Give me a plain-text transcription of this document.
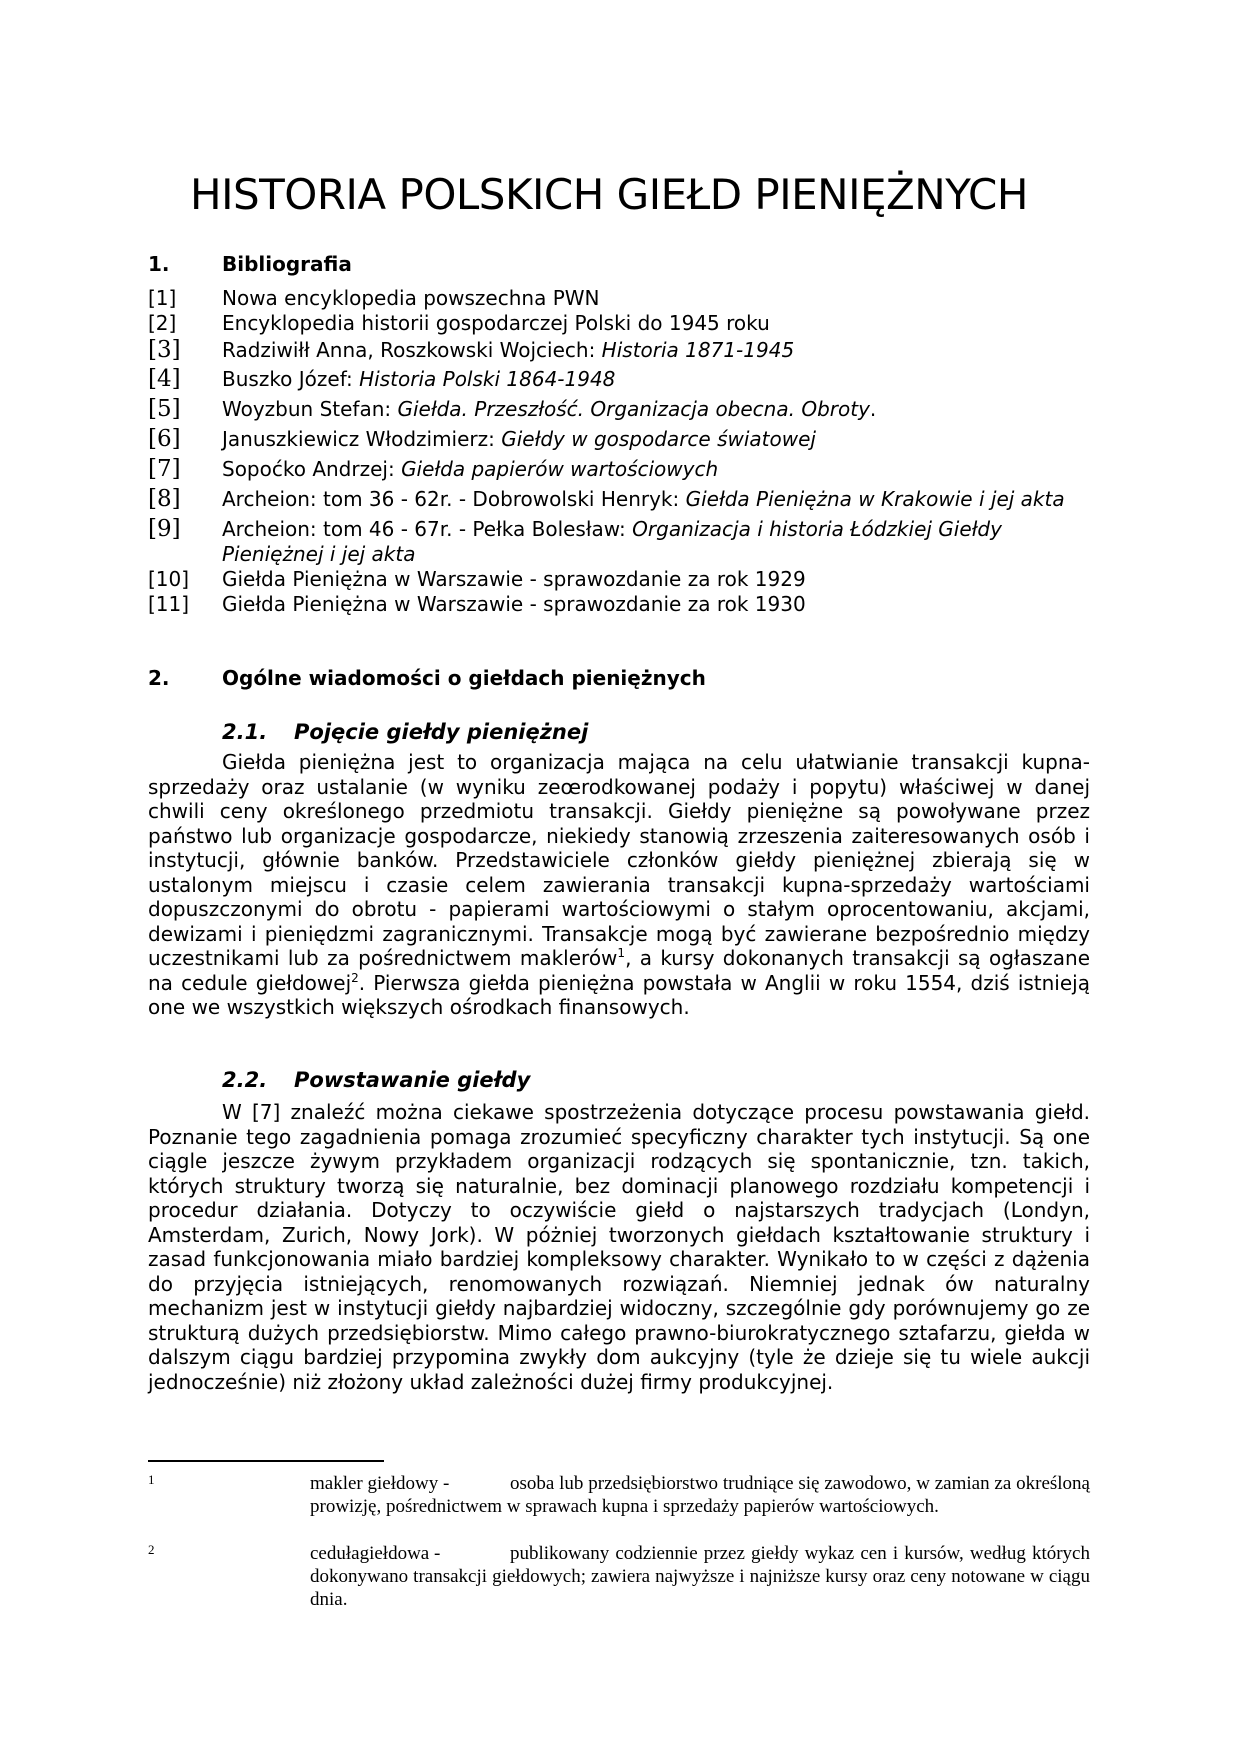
HISTORIA POLSKICH GIEŁD PIENIĘŻNYCH
1.	Bibliografia
[1] Nowa encyklopedia powszechna PWN
[2] Encyklopedia historii gospodarczej Polski do 1945 roku
[3] Radziwiłł Anna, Roszkowski Wojciech: Historia 1871-1945
[4] Buszko Józef: Historia Polski 1864-1948
[5] Woyzbun Stefan: Giełda. Przeszłość. Organizacja obecna. Obroty.
[6] Januszkiewicz Włodzimierz: Giełdy w gospodarce światowej
[7] Sopoćko Andrzej: Giełda papierów wartościowych
[8] Archeion: tom 36 - 62r. - Dobrowolski Henryk: Giełda Pieniężna w Krakowie i jej akta
[9] Archeion: tom 46 - 67r. - Pełka Bolesław: Organizacja i historia Łódzkiej Giełdy Pieniężnej i jej akta
[10] Giełda Pieniężna w Warszawie - sprawozdanie za rok 1929
[11] Giełda Pieniężna w Warszawie - sprawozdanie za rok 1930
2.	Ogólne wiadomości o giełdach pieniężnych
2.1. Pojęcie giełdy pieniężnej

Giełda pieniężna jest to organizacja mająca na celu ułatwianie transakcji kupna-sprzedaży oraz ustalanie (w wyniku zeœrodkowanej podaży i popytu) właściwej w danej chwili ceny określonego przedmiotu transakcji. Giełdy pieniężne są powoływane przez państwo lub organizacje gospodarcze, niekiedy stanowią zrzeszenia zaiteresowanych osób i instytucji, głównie banków. Przedstawiciele członków giełdy pieniężnej zbierają się w ustalonym miejscu i czasie celem zawierania transakcji kupna-sprzedaży wartościami dopuszczonymi do obrotu - papierami wartościowymi o stałym oprocentowaniu, akcjami, dewizami i pieniędzmi zagranicznymi. Transakcje mogą być zawierane bezpośrednio między uczestnikami lub za pośrednictwem maklerów$^1$, a kursy dokonanych transakcji są ogłaszane na cedule giełdowej$^2$. Pierwsza giełda pieniężna powstała w Anglii w roku 1554, dziś istnieją one we wszystkich większych ośrodkach finansowych.

2.2. Powstawanie giełdy

W [7] znaleźć można ciekawe spostrzeżenia dotyczące procesu powstawania giełd. Poznanie tego zagadnienia pomaga zrozumieć specyficzny charakter tych instytucji. Są one ciągle jeszcze żywym przykładem organizacji rodzących się spontanicznie, tzn. takich, których struktury tworzą się naturalnie, bez dominacji planowego rozdziału kompetencji i procedur działania. Dotyczy to oczywiście giełd o najstarszych tradycjach (Londyn, Amsterdam, Zurich, Nowy Jork). W póżniej tworzonych giełdach kształtowanie struktury i zasad funkcjonowania miało bardziej kompleksowy charakter. Wynikało to w części z dążenia do przyjęcia istniejących, renomowanych rozwiązań. Niemniej jednak ów naturalny mechanizm jest w instytucji giełdy najbardziej widoczny, szczególnie gdy porównujemy go ze strukturą dużych przedsiębiorstw. Mimo całego prawno-biurokratycznego sztafarzu, giełda w dalszym ciągu bardziej przypomina zwykły dom aukcyjny (tyle że dzieje się tu wiele aukcji jednocześnie) niż złożony układ zależności dużej firmy produkcyjnej.

1	makler giełdowy -	osoba lub przedsiębiorstwo trudniące się zawodowo, w zamian za określoną prowizję, pośrednictwem w sprawach kupna i sprzedaży papierów wartościowych.
2	cedułagiełdowa -	publikowany codziennie przez giełdy wykaz cen i kursów, według których dokonywano transakcji giełdowych; zawiera najwyższe i najniższe kursy oraz ceny notowane w ciągu dnia.
